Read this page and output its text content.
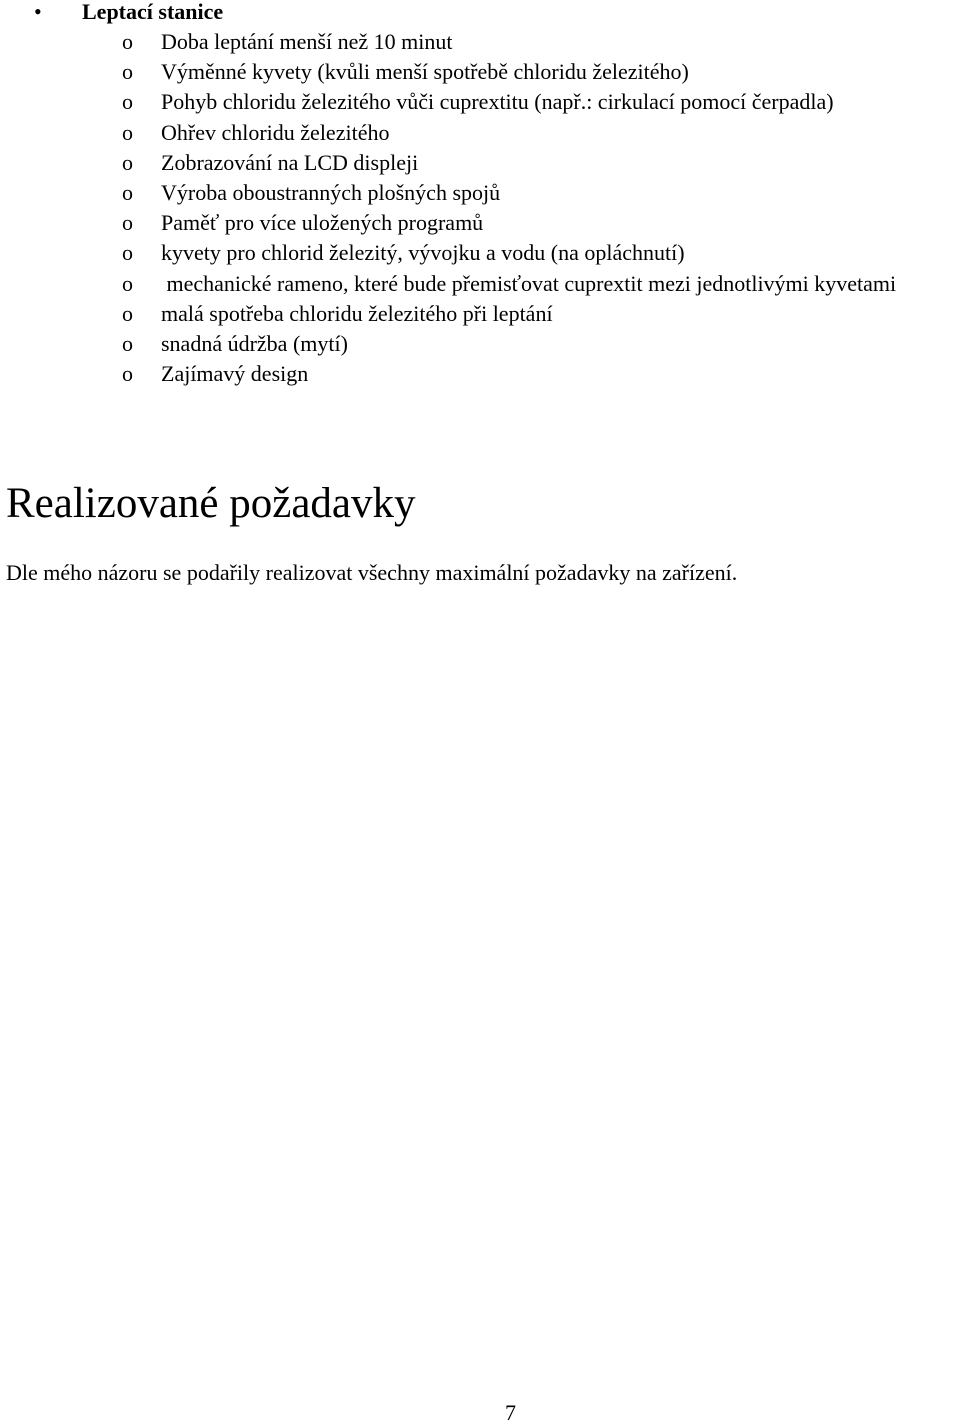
• Leptací stanice
o Doba leptání menší než 10 minut
o Výměnné kyvety (kvůli menší spotřebě chloridu železitého)
o Pohyb chloridu železitého vůči cuprextitu (např.: cirkulací pomocí čerpadla)
o Ohřev chloridu železitého
o Zobrazování na LCD displeji
o Výroba oboustranných plošných spojů
o Paměť pro více uložených programů
o kyvety pro chlorid železitý, vývojku a vodu (na opláchnutí)
o mechanické rameno, které bude přemisťovat cuprextit mezi jednotlivými kyvetami
o malá spotřeba chloridu železitého při leptání
o snadná údržba (mytí)
o Zajímavý design
Realizované požadavky

Dle mého názoru se podařily realizovat všechny maximální požadavky na zařízení.

7
